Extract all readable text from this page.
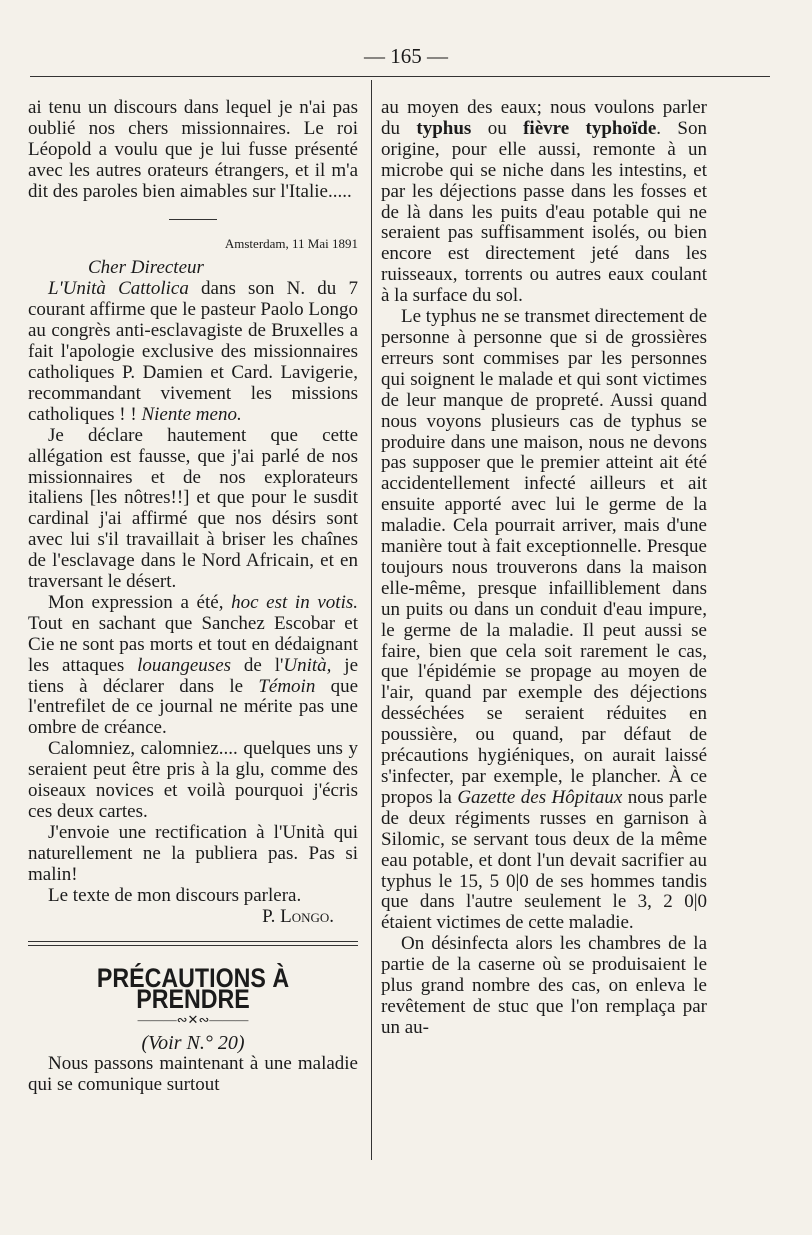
— 165 —

ai tenu un discours dans lequel je n'ai pas oublié nos chers missionnaires. Le roi Léopold a voulu que je lui fusse présenté avec les autres orateurs étrangers, et il m'a dit des paroles bien aimables sur l'Italie.....

Amsterdam, 11 Mai 1891
Cher Directeur

L'Unità Cattolica dans son N. du 7 courant affirme que le pasteur Paolo Longo au congrès anti-esclavagiste de Bruxelles a fait l'apologie exclusive des missionnaires catholiques P. Damien et Card. Lavigerie, recommandant vivement les missions catholiques ! ! Niente meno.

Je déclare hautement que cette allégation est fausse, que j'ai parlé de nos missionnaires et de nos explorateurs italiens [les nôtres!!] et que pour le susdit cardinal j'ai affirmé que nos désirs sont avec lui s'il travaillait à briser les chaînes de l'esclavage dans le Nord Africain, et en traversant le désert.

Mon expression a été, hoc est in votis. Tout en sachant que Sanchez Escobar et Cie ne sont pas morts et tout en dédaignant les attaques louangeuses de l'Unità, je tiens à déclarer dans le Témoin que l'entrefilet de ce journal ne mérite pas une ombre de créance.

Calomniez, calomniez.... quelques uns y seraient peut être pris à la glu, comme des oiseaux novices et voilà pourquoi j'écris ces deux cartes.

J'envoie une rectification à l'Unità qui naturellement ne la publiera pas. Pas si malin!

Le texte de mon discours parlera.

P. Longo.
PRÉCAUTIONS À PRENDRE
———∾✕∾———
(Voir N.° 20)

Nous passons maintenant à une maladie qui se comunique surtout

au moyen des eaux; nous voulons parler du typhus ou fièvre typhoïde. Son origine, pour elle aussi, remonte à un microbe qui se niche dans les intestins, et par les déjections passe dans les fosses et de là dans les puits d'eau potable qui ne seraient pas suffisamment isolés, ou bien encore est directement jeté dans les ruisseaux, torrents ou autres eaux coulant à la surface du sol.

Le typhus ne se transmet directement de personne à personne que si de grossières erreurs sont commises par les personnes qui soignent le malade et qui sont victimes de leur manque de propreté. Aussi quand nous voyons plusieurs cas de typhus se produire dans une maison, nous ne devons pas supposer que le premier atteint ait été accidentellement infecté ailleurs et ait ensuite apporté avec lui le germe de la maladie. Cela pourrait arriver, mais d'une manière tout à fait exceptionnelle. Presque toujours nous trouverons dans la maison elle-même, presque infailliblement dans un puits ou dans un conduit d'eau impure, le germe de la maladie. Il peut aussi se faire, bien que cela soit rarement le cas, que l'épidémie se propage au moyen de l'air, quand par exemple des déjections desséchées se seraient réduites en poussière, ou quand, par défaut de précautions hygiéniques, on aurait laissé s'infecter, par exemple, le plancher. À ce propos la Gazette des Hôpitaux nous parle de deux régiments russes en garnison à Silomic, se servant tous deux de la même eau potable, et dont l'un devait sacrifier au typhus le 15, 5 0|0 de ses hommes tandis que dans l'autre seulement le 3, 2 0|0 étaient victimes de cette maladie.

On désinfecta alors les chambres de la partie de la caserne où se produisaient le plus grand nombre des cas, on enleva le revêtement de stuc que l'on remplaça par un au-
